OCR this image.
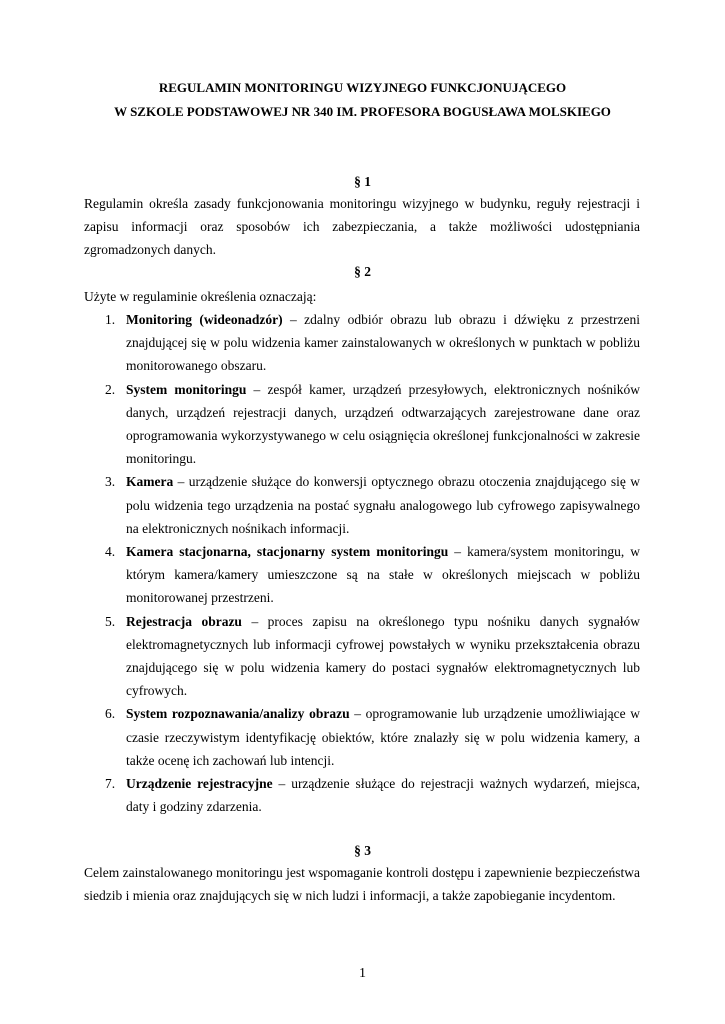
REGULAMIN MONITORINGU WIZYJNEGO FUNKCJONUJĄCEGO
W SZKOLE PODSTAWOWEJ NR 340 IM. PROFESORA BOGUSŁAWA MOLSKIEGO
§ 1
Regulamin określa zasady funkcjonowania monitoringu wizyjnego w budynku, reguły rejestracji i zapisu informacji oraz sposobów ich zabezpieczania, a także możliwości udostępniania zgromadzonych danych.
§ 2
Użyte w regulaminie określenia oznaczają:
1. Monitoring (wideonadzór) – zdalny odbiór obrazu lub obrazu i dźwięku z przestrzeni znajdującej się w polu widzenia kamer zainstalowanych w określonych w punktach w pobliżu monitorowanego obszaru.
2. System monitoringu – zespół kamer, urządzeń przesyłowych, elektronicznych nośników danych, urządzeń rejestracji danych, urządzeń odtwarzających zarejestrowane dane oraz oprogramowania wykorzystywanego w celu osiągnięcia określonej funkcjonalności w zakresie monitoringu.
3. Kamera – urządzenie służące do konwersji optycznego obrazu otoczenia znajdującego się w polu widzenia tego urządzenia na postać sygnału analogowego lub cyfrowego zapisywalnego na elektronicznych nośnikach informacji.
4. Kamera stacjonarna, stacjonarny system monitoringu – kamera/system monitoringu, w którym kamera/kamery umieszczone są na stałe w określonych miejscach w pobliżu monitorowanej przestrzeni.
5. Rejestracja obrazu – proces zapisu na określonego typu nośniku danych sygnałów elektromagnetycznych lub informacji cyfrowej powstałych w wyniku przekształcenia obrazu znajdującego się w polu widzenia kamery do postaci sygnałów elektromagnetycznych lub cyfrowych.
6. System rozpoznawania/analizy obrazu – oprogramowanie lub urządzenie umożliwiające w czasie rzeczywistym identyfikację obiektów, które znalazły się w polu widzenia kamery, a także ocenę ich zachowań lub intencji.
7. Urządzenie rejestracyjne – urządzenie służące do rejestracji ważnych wydarzeń, miejsca, daty i godziny zdarzenia.
§ 3
Celem zainstalowanego monitoringu jest wspomaganie kontroli dostępu i zapewnienie bezpieczeństwa siedzib i mienia oraz znajdujących się w nich ludzi i informacji, a także zapobieganie incydentom.
1
